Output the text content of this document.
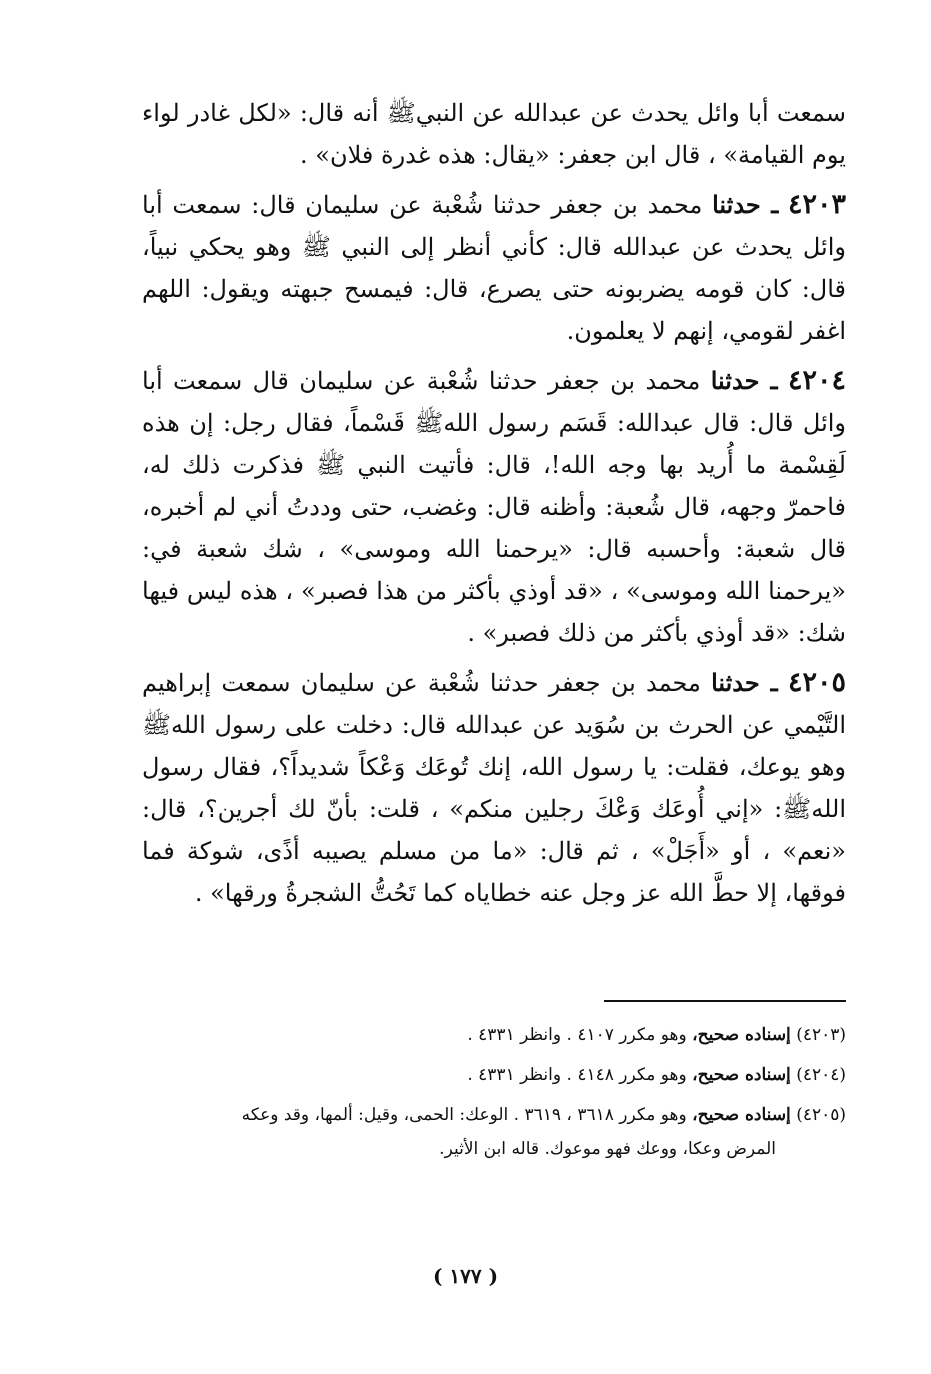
سمعت أبا وائل يحدث عن عبدالله عن النبيﷺ أنه قال: «لكل غادر لواء يوم القيامة» ، قال ابن جعفر: «يقال: هذه غدرة فلان» .

٤٢٠٣ ـ حدثنا محمد بن جعفر حدثنا شُعْبة عن سليمان قال: سمعت أبا وائل يحدث عن عبدالله قال: كأني أنظر إلى النبي ﷺ وهو يحكي نبياً، قال: كان قومه يضربونه حتى يصرع، قال: فيمسح جبهته ويقول: اللهم اغفر لقومي، إنهم لا يعلمون.

٤٢٠٤ ـ حدثنا محمد بن جعفر حدثنا شُعْبة عن سليمان قال سمعت أبا وائل قال: قال عبدالله: قَسَم رسول اللهﷺ قَسْماً، فقال رجل: إن هذه لَقِسْمة ما أُريد بها وجه الله!، قال: فأتيت النبي ﷺ فذكرت ذلك له، فاحمرّ وجهه، قال شُعبة: وأظنه قال: وغضب، حتى وددتُ أني لم أخبره، قال شعبة: وأحسبه قال: «يرحمنا الله وموسى» ، شك شعبة في: «يرحمنا الله وموسى» ، «قد أوذي بأكثر من هذا فصبر» ، هذه ليس فيها شك: «قد أوذي بأكثر من ذلك فصبر» .

٤٢٠٥ ـ حدثنا محمد بن جعفر حدثنا شُعْبة عن سليمان سمعت إبراهيم التَّيْمي عن الحرث بن سُوَيد عن عبدالله قال: دخلت على رسول اللهﷺ وهو يوعك، فقلت: يا رسول الله، إنك تُوعَك وَعْكاً شديداً؟، فقال رسول اللهﷺ: «إني أُوعَك وَعْكَ رجلين منكم» ، قلت: بأنّ لك أجرين؟، قال: «نعم» ، أو «أَجَلْ» ، ثم قال: «ما من مسلم يصيبه أذًى، شوكة فما فوقها، إلا حطَّ الله عز وجل عنه خطاياه كما تَحُتُّ الشجرةُ ورقها» .

(٤٢٠٣) إسناده صحيح، وهو مكرر ٤١٠٧ . وانظر ٤٣٣١ .

(٤٢٠٤) إسناده صحيح، وهو مكرر ٤١٤٨ . وانظر ٤٣٣١ .

(٤٢٠٥) إسناده صحيح، وهو مكرر ٣٦١٨ ، ٣٦١٩ . الوعك: الحمى، وقيل: ألمها، وقد وعكه
المرض وعكا، ووعك فهو موعوك. قاله ابن الأثير.

( ١٧٧ )
